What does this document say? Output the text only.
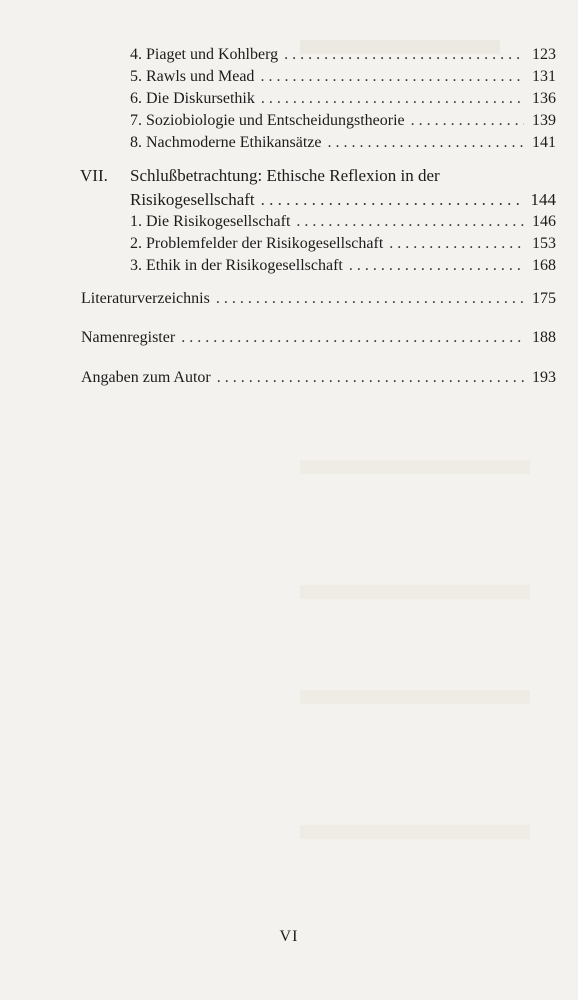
4. Piaget und Kohlberg . . .	123
5. Rawls und Mead . . .	131
6. Die Diskursethik . . .	136
7. Soziobiologie und Entscheidungstheorie . . .	139
8. Nachmoderne Ethikansätze . . .	141
VII. Schlußbetrachtung: Ethische Reflexion in der
Risikogesellschaft . . .	144
1. Die Risikogesellschaft . . .	146
2. Problemfelder der Risikogesellschaft . . .	153
3. Ethik in der Risikogesellschaft . . .	168
Literaturverzeichnis . . .	175
Namenregister . . .	188
Angaben zum Autor . . .	193
VI
